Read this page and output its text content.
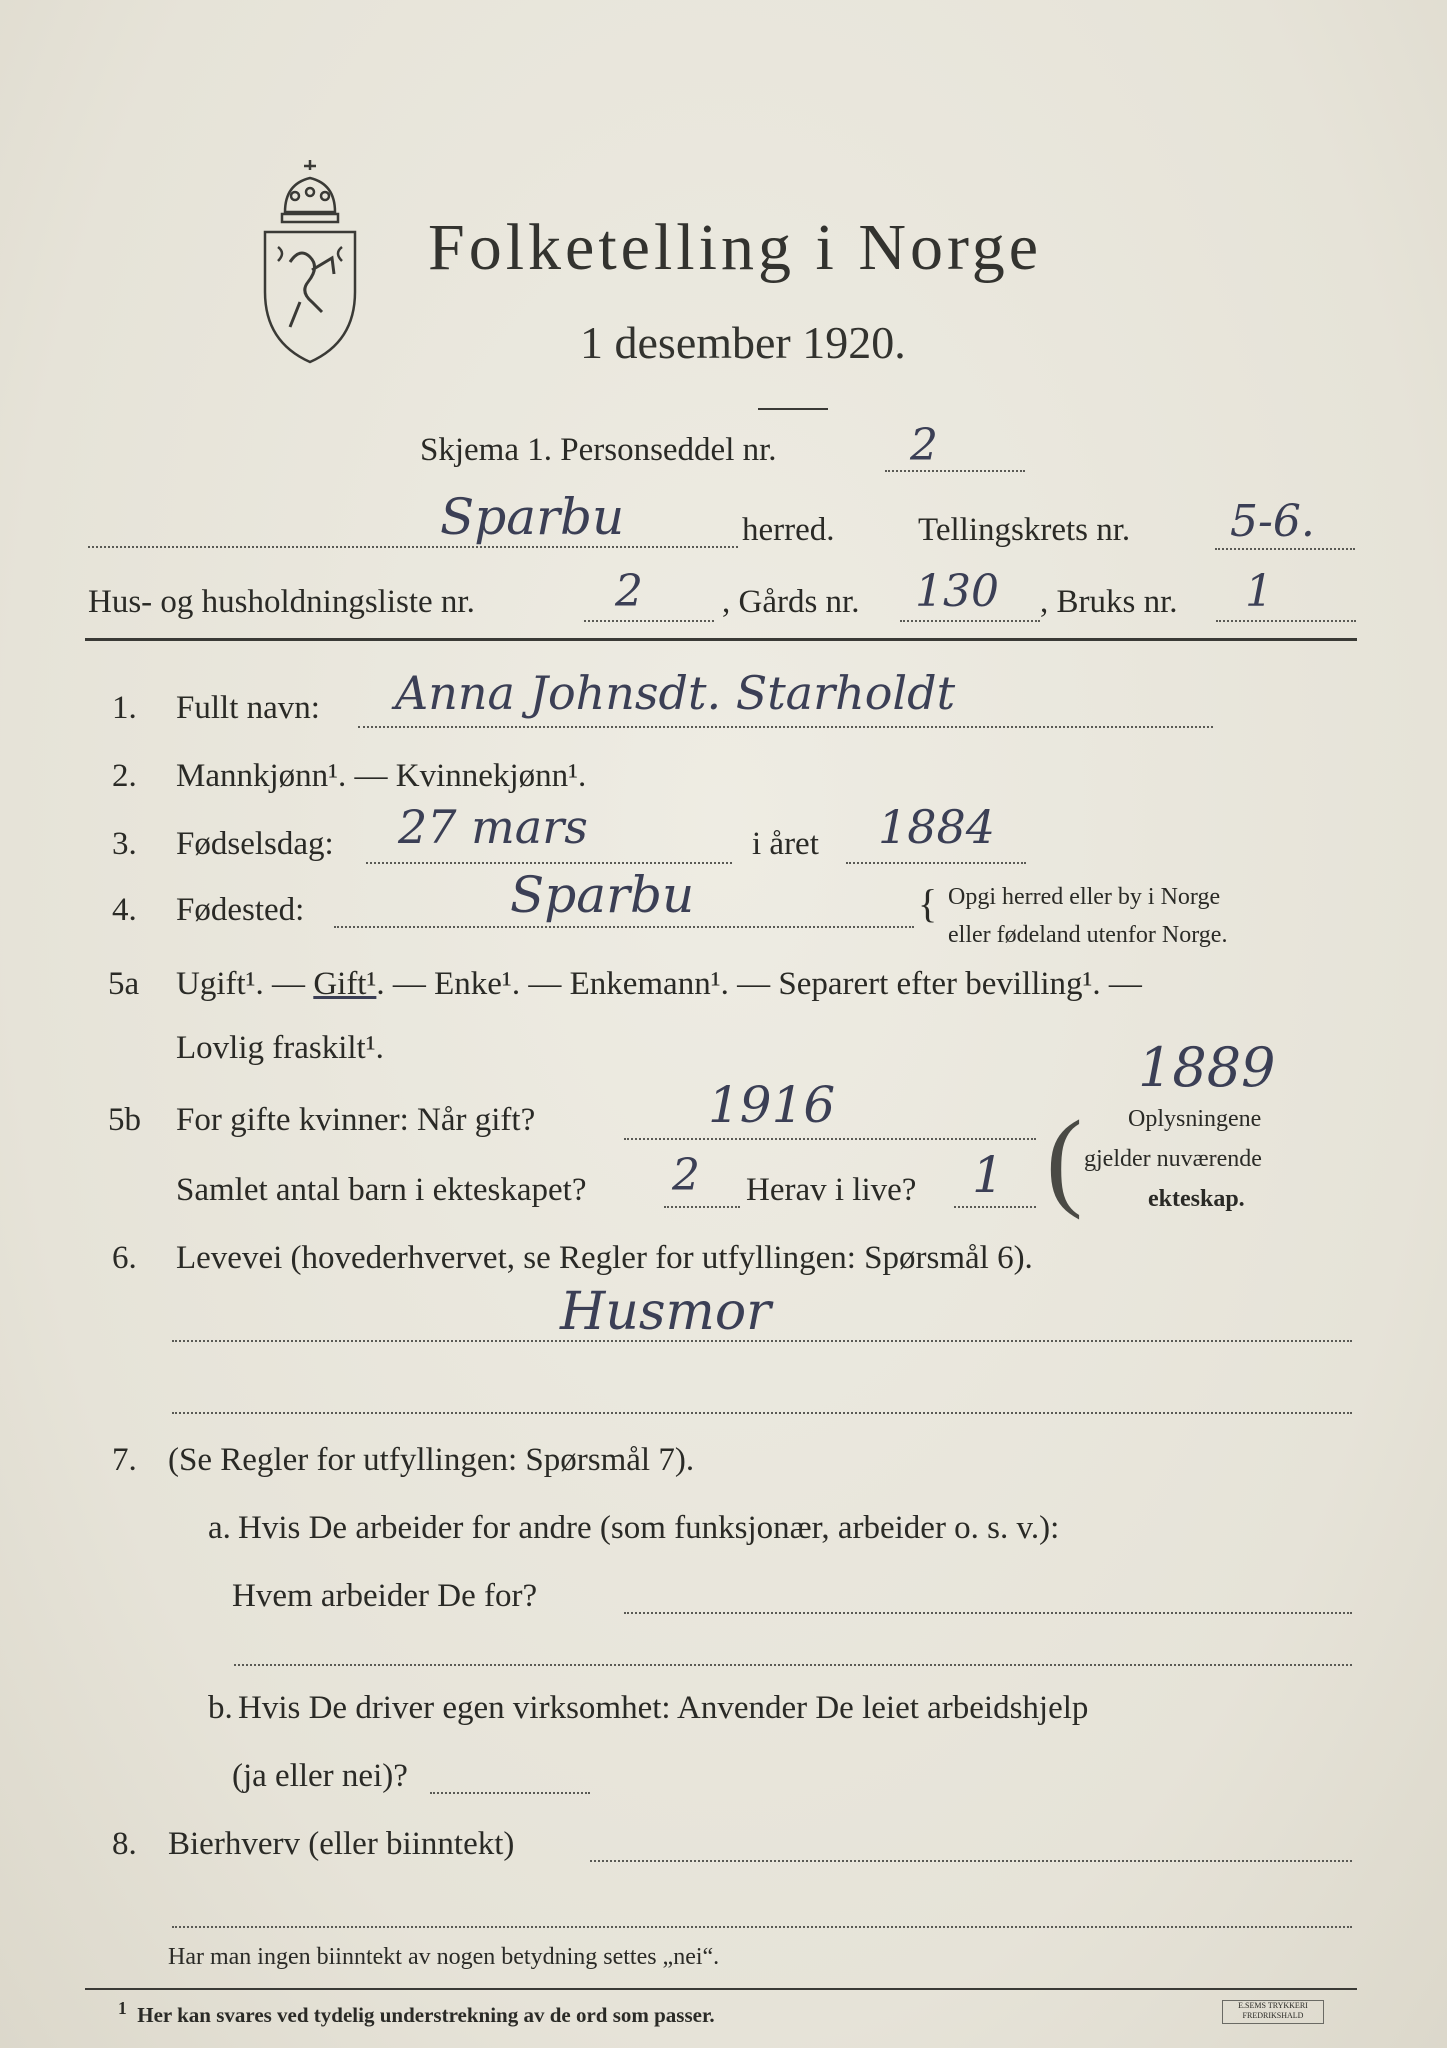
Folketelling i Norge
1 desember 1920.
Skjema 1. Personseddel nr.	2
Sparbu	herred.	Tellingskrets nr. 5-6.
Hus- og husholdningsliste nr.	2 , Gårds nr. 130 , Bruks nr. 1
1. Fullt navn: Anna Johnsdt. Starholdt
2. Mannkjønn¹. — Kvinnekjønn¹.
3. Fødselsdag: 27 mars	i året 1884
4. Fødested:	Sparbu	{ Opgi herred eller by i Norge
eller fødeland utenfor Norge.
5a Ugift¹. — Gift¹. — Enke¹. — Enkemann¹. — Separert efter bevilling¹. —
Lovlig fraskilt¹.	1889
5b For gifte kvinner: Når gift?	1916
Samlet antal barn i ekteskapet? 2 Herav i live? 1 ( Oplysningene
gjelder nuværende
ekteskap.
6. Levevei (hovederhvervet, se Regler for utfyllingen: Spørsmål 6).
Husmor
7. (Se Regler for utfyllingen: Spørsmål 7).
a. Hvis De arbeider for andre (som funksjonær, arbeider o. s. v.):
Hvem arbeider De for?
b. Hvis De driver egen virksomhet: Anvender De leiet arbeidshjelp
(ja eller nei)?
8. Bierhverv (eller biinntekt)
Har man ingen biinntekt av nogen betydning settes „nei“.
$^1$ Her kan svares ved tydelig understrekning av de ord som passer.	E.SEMS TRYKKERI
FREDRIKSHALD
